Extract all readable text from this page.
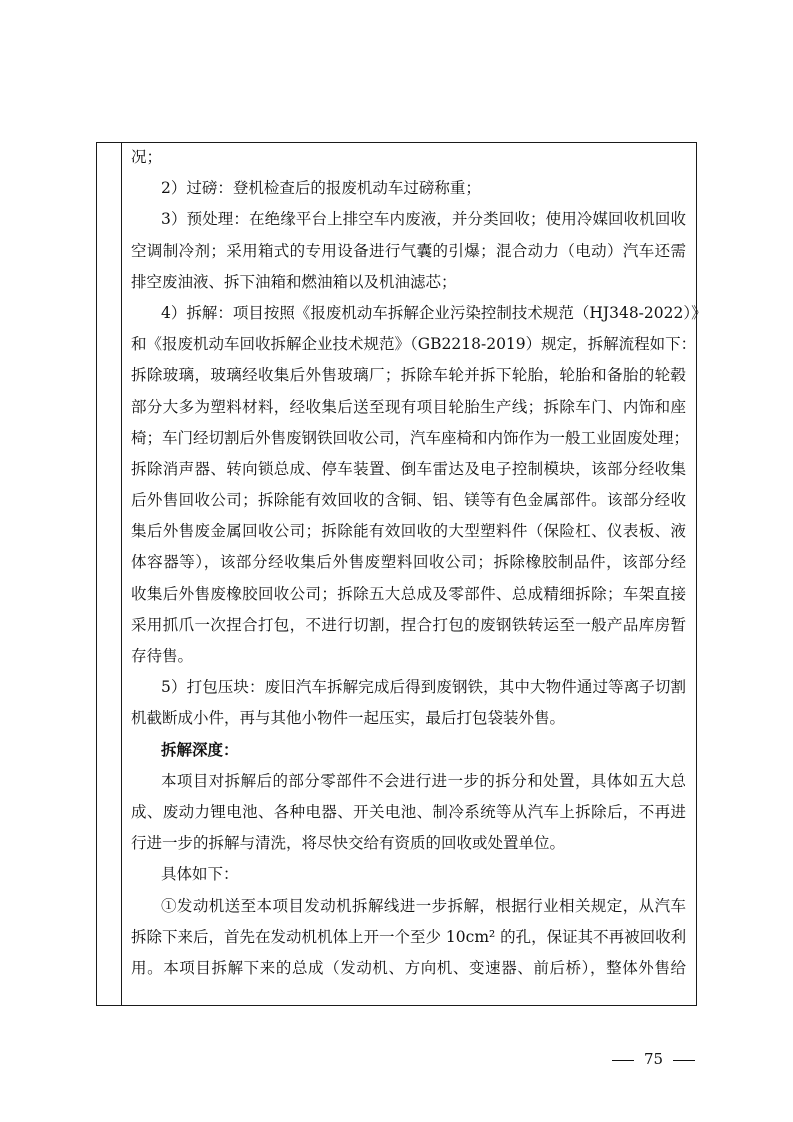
况；
2）过磅：登机检查后的报废机动车过磅称重；
3）预处理：在绝缘平台上排空车内废液，并分类回收；使用冷媒回收机回收
空调制冷剂；采用箱式的专用设备进行气囊的引爆；混合动力（电动）汽车还需
排空废油液、拆下油箱和燃油箱以及机油滤芯；
4）拆解：项目按照《报废机动车拆解企业污染控制技术规范（HJ348-2022）》
和《报废机动车回收拆解企业技术规范》（GB2218-2019）规定，拆解流程如下：
拆除玻璃，玻璃经收集后外售玻璃厂；拆除车轮并拆下轮胎，轮胎和备胎的轮毂
部分大多为塑料材料，经收集后送至现有项目轮胎生产线；拆除车门、内饰和座
椅；车门经切割后外售废钢铁回收公司，汽车座椅和内饰作为一般工业固废处理；
拆除消声器、转向锁总成、停车装置、倒车雷达及电子控制模块，该部分经收集
后外售回收公司；拆除能有效回收的含铜、铝、镁等有色金属部件。该部分经收
集后外售废金属回收公司；拆除能有效回收的大型塑料件（保险杠、仪表板、液
体容器等），该部分经收集后外售废塑料回收公司；拆除橡胶制品件，该部分经
收集后外售废橡胶回收公司；拆除五大总成及零部件、总成精细拆除；车架直接
采用抓爪一次捏合打包，不进行切割，捏合打包的废钢铁转运至一般产品库房暂
存待售。
5）打包压块：废旧汽车拆解完成后得到废钢铁，其中大物件通过等离子切割
机截断成小件，再与其他小物件一起压实，最后打包袋装外售。
拆解深度：
本项目对拆解后的部分零部件不会进行进一步的拆分和处置，具体如五大总
成、废动力锂电池、各种电器、开关电池、制冷系统等从汽车上拆除后，不再进
行进一步的拆解与清洗，将尽快交给有资质的回收或处置单位。
具体如下：
①发动机送至本项目发动机拆解线进一步拆解，根据行业相关规定，从汽车
拆除下来后，首先在发动机机体上开一个至少 10cm² 的孔，保证其不再被回收利
用。本项目拆解下来的总成（发动机、方向机、变速器、前后桥），整体外售给
75
